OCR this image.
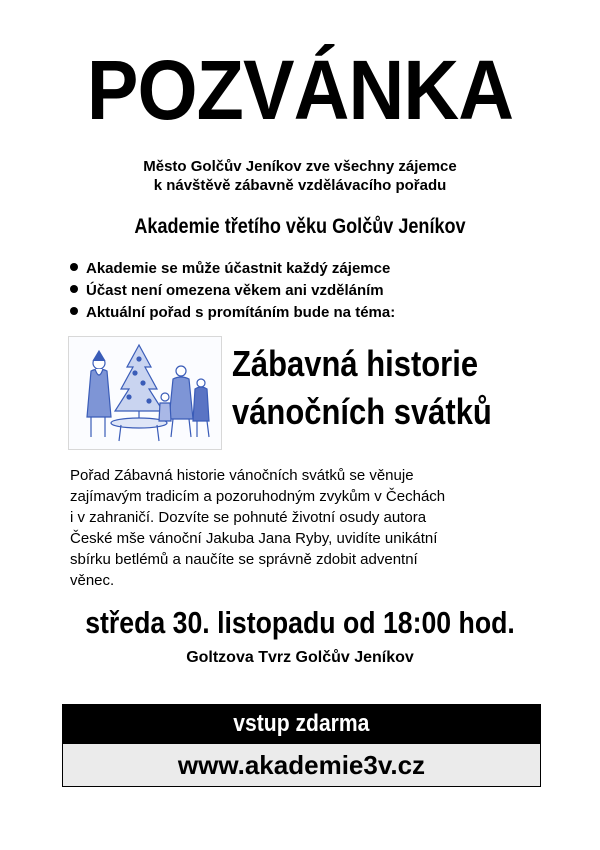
POZVÁNKA
Město Golčův Jeníkov zve všechny zájemce
k návštěvě zábavně vzdělávacího pořadu
Akademie třetího věku Golčův Jeníkov
Akademie se může účastnit každý zájemce
Účast není omezena věkem ani vzděláním
Aktuální pořad s promítáním bude na téma:
Zábavná historie
vánočních svátků
Pořad Zábavná historie vánočních svátků se věnuje
zajímavým tradicím a pozoruhodným zvykům v Čechách
i v zahraničí. Dozvíte se pohnuté životní osudy autora
České mše vánoční Jakuba Jana Ryby, uvidíte unikátní
sbírku betlémů a naučíte se správně zdobit adventní
věnec.
středa 30. listopadu od 18:00 hod.
Goltzova Tvrz Golčův Jeníkov
vstup zdarma
www.akademie3v.cz
